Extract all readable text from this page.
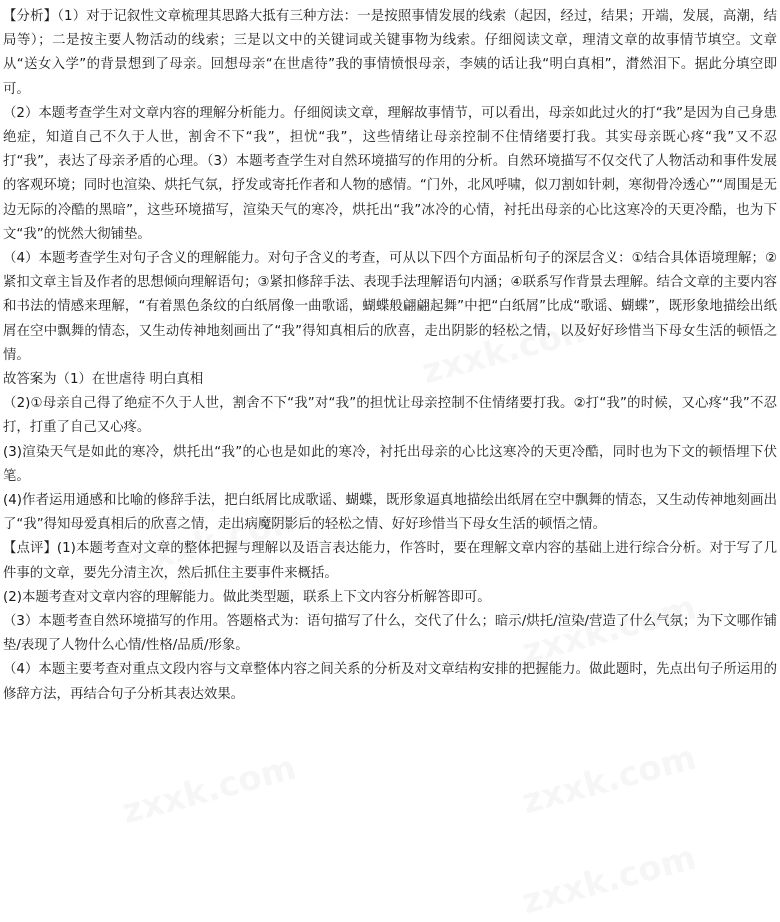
【分析】（1）对于记叙性文章梳理其思路大抵有三种方法：一是按照事情发展的线索（起因，经过，结果；开端，发展，高潮，结局等）；二是按主要人物活动的线索；三是以文中的关键词或关键事物为线索。仔细阅读文章，理清文章的故事情节填空。文章从“送女入学”的背景想到了母亲。回想母亲“在世虐待”我的事情愤恨母亲，李姨的话让我“明白真相”，潸然泪下。据此分填空即可。

（2）本题考查学生对文章内容的理解分析能力。仔细阅读文章，理解故事情节，可以看出，母亲如此过火的打“我”是因为自己身患绝症，知道自己不久于人世，割舍不下“我”，担忧“我”，这些情绪让母亲控制不住情绪要打我。其实母亲既心疼“我”又不忍打“我”，表达了母亲矛盾的心理。（3）本题考查学生对自然环境描写的作用的分析。自然环境描写不仅交代了人物活动和事件发展的客观环境；同时也渲染、烘托气氛，抒发或寄托作者和人物的感情。“门外，北风呼啸，似刀割如针刺，寒彻骨冷透心”“周围是无边无际的冷酷的黑暗”，这些环境描写，渲染天气的寒冷，烘托出“我”冰冷的心情，衬托出母亲的心比这寒冷的天更冷酷，也为下文“我”的恍然大彻铺垫。

（4）本题考查学生对句子含义的理解能力。对句子含义的考查，可从以下四个方面品析句子的深层含义：①结合具体语境理解；②紧扣文章主旨及作者的思想倾向理解语句；③紧扣修辞手法、表现手法理解语句内涵；④联系写作背景去理解。结合文章的主要内容和书法的情感来理解，“有着黑色条纹的白纸屑像一曲歌谣，蝴蝶般翩翩起舞”中把“白纸屑”比成“歌谣、蝴蝶”，既形象地描绘出纸屑在空中飘舞的情态，又生动传神地刻画出了“我”得知真相后的欣喜，走出阴影的轻松之情，以及好好珍惜当下母女生活的顿悟之情。

故答案为（1）在世虐待 明白真相

（2)①母亲自己得了绝症不久于人世，割舍不下“我”对“我”的担忧让母亲控制不住情绪要打我。②打“我”的时候，又心疼“我”不忍打，打重了自己又心疼。

(3)渲染天气是如此的寒冷，烘托出“我”的心也是如此的寒冷，衬托出母亲的心比这寒冷的天更冷酷，同时也为下文的顿悟埋下伏笔。

(4)作者运用通感和比喻的修辞手法，把白纸屑比成歌谣、蝴蝶，既形象逼真地描绘出纸屑在空中飘舞的情态，又生动传神地刻画出了“我”得知母爱真相后的欣喜之情，走出病魔阴影后的轻松之情、好好珍惜当下母女生活的顿悟之情。

【点评】(1)本题考查对文章的整体把握与理解以及语言表达能力，作答时，要在理解文章内容的基础上进行综合分析。对于写了几件事的文章，要先分清主次，然后抓住主要事件来概括。

(2)本题考查对文章内容的理解能力。做此类型题，联系上下文内容分析解答即可。

（3）本题考查自然环境描写的作用。答题格式为：语句描写了什么，交代了什么；暗示/烘托/渲染/营造了什么气氛；为下文哪作铺垫/表现了人物什么心情/性格/品质/形象。

（4）本题主要考查对重点文段内容与文章整体内容之间关系的分析及对文章结构安排的把握能力。做此题时，先点出句子所运用的修辞方法，再结合句子分析其表达效果。
